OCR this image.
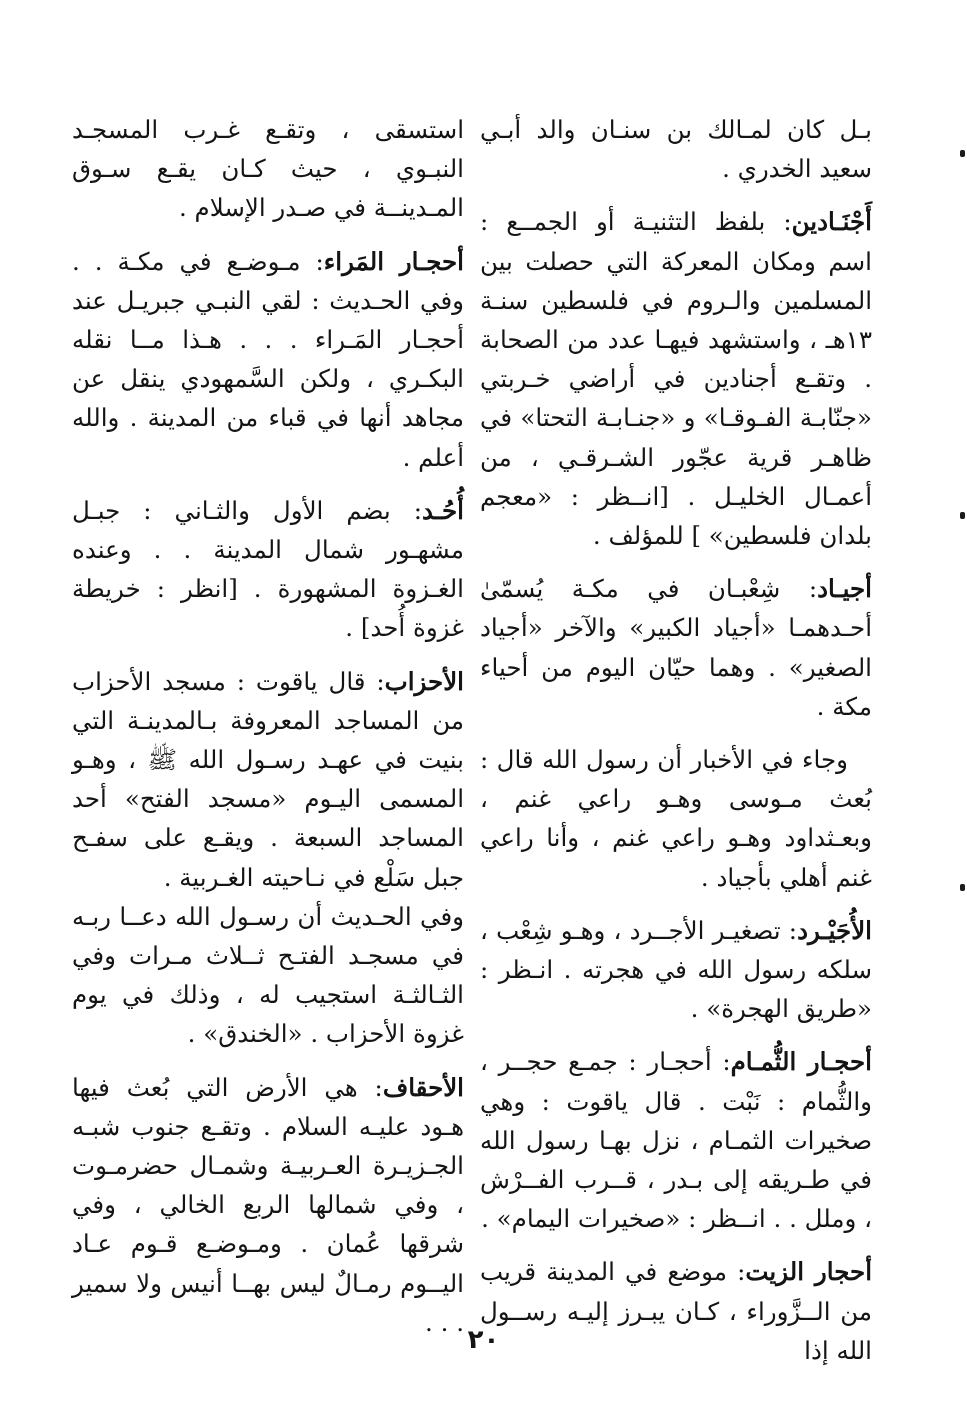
بـل كان لمـالك بن سنـان والد أبـي سعيد الخدري .

أَجْنَـادين: بلفظ التثنيـة أو الجمــع : اسم ومكان المعركة التي حصلت بين المسلمين والـروم في فلسطين سنـة ١٣هـ ، واستشهد فيهـا عدد من الصحابة . وتقـع أجنادين في أراضي خـربتي «جنّابـة الفـوقـا» و «جنـابـة التحتا» في ظاهـر قرية عجّور الشـرقـي ، من أعمـال الخليـل . [انــظر : «معجم بلدان فلسطين» ] للمؤلف .

أجيـاد: شِعْبـان في مكـة يُسمّىٰ أحـدهمـا «أجياد الكبير» والآخر «أجياد الصغير» . وهما حيّان اليوم من أحياء مكة .

وجاء في الأخبار أن رسول الله قال : بُعث مـوسى وهـو راعي غنم ، وبعـثداود وهـو راعي غنم ، وأنا راعي غنم أهلي بأجياد .

الأُجَيْـرد: تصغيـر الأجــرد ، وهـو شِعْب ، سلكه رسول الله في هجرته . انـظر : «طريق الهجرة» .

أحجـار الثُّمـام: أحجـار : جمـع حجــر ، والثُّمام : نَبْت . قال ياقوت : وهي صخيرات الثمـام ، نزل بهـا رسول الله في طـريقه إلى بـدر ، قــرب الفــرْش ، وملل . . انــظر : «صخيرات اليمام» .

أحجار الزيت: موضع في المدينة قريب من الــزَّوراء ، كـان يبـرز إليـه رســول الله إذا

استسقى ، وتقـع غـرب المسجـد النبـوي ، حيث كـان يقـع سـوق المـدينــة في صـدر الإسلام .

أحجـار المَراء: مـوضـع في مكـة . . وفي الحـديث : لقي النبـي جبريـل عند أحجـار المَـراء . . . هـذا مــا نقله البكـري ، ولكن السَّمهودي ينقل عن مجاهد أنها في قباء من المدينة . والله أعلم .

أُحُـد: بضم الأول والثـاني : جبـل مشهـور شمال المدينة . . وعنده الغـزوة المشهورة . [انظر : خريطة غزوة أُحد] .

الأحزاب: قال ياقوت : مسجد الأحزاب من المساجد المعروفة بـالمدينـة التي بنيت في عهـد رسـول الله ﷺ ، وهـو المسمى اليـوم «مسجد الفتح» أحد المساجد السبعة . ويقـع على سفـح جبل سَلْع في نـاحيته الغـربية .

وفي الحـديث أن رسـول الله دعــا ربـه في مسجـد الفتـح ثــلاث مـرات وفي الثـالثـة استجيب له ، وذلك في يوم غزوة الأحزاب . «الخندق» .

الأحقاف: هي الأرض التي بُعث فيها هـود عليـه السلام . وتقـع جنوب شبـه الجـزيـرة العـربيـة وشمـال حضرمـوت ، وفي شمالها الربع الخالي ، وفي شرقها عُمان . ومـوضـع قـوم عـاد اليــوم رمـالٌ ليس بهــا أنيس ولا سمير . . .

٢٠
